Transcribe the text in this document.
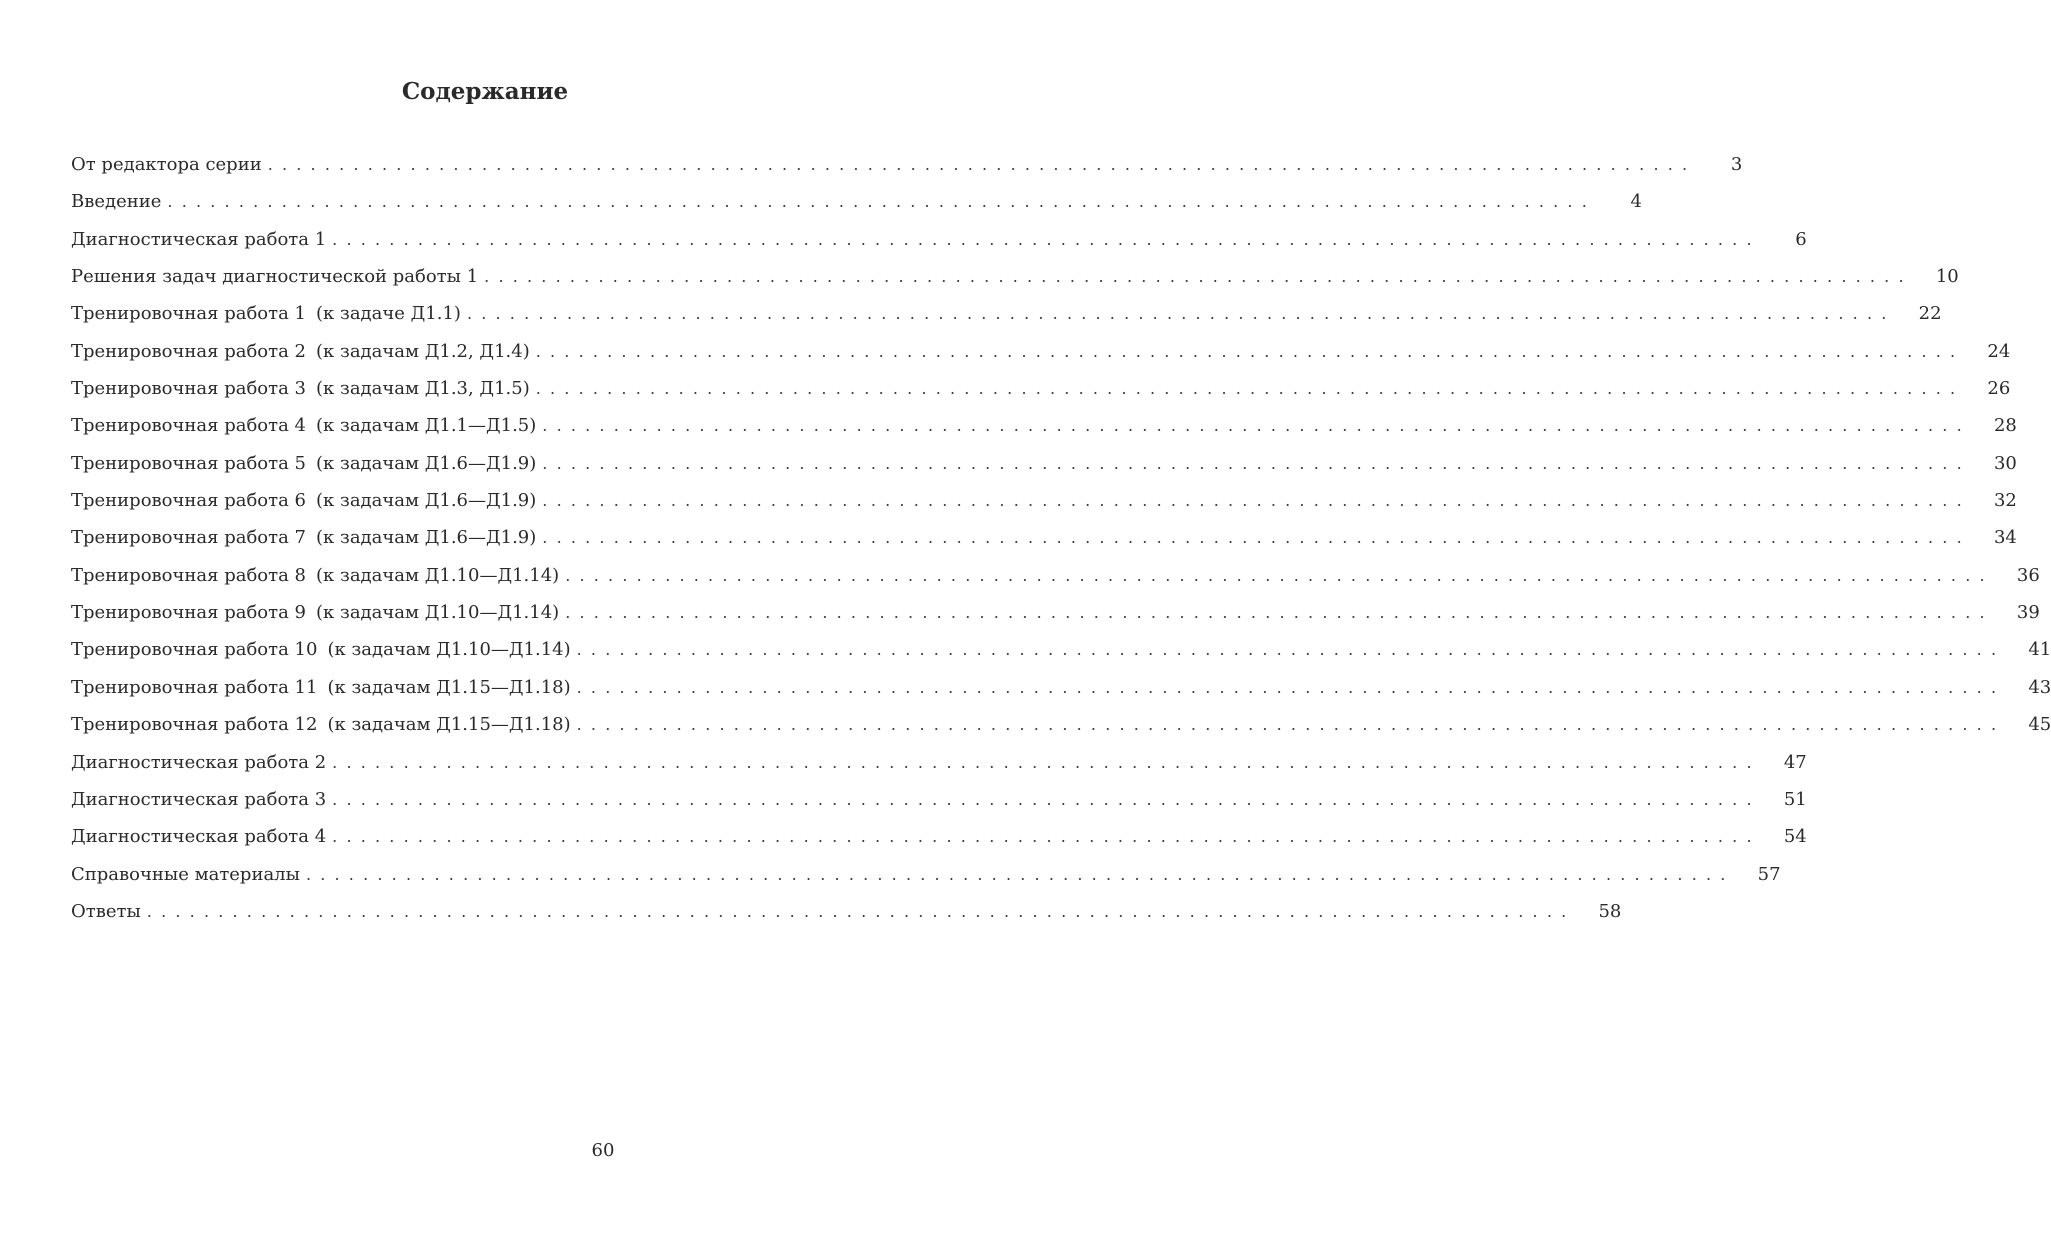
Содержание
От редактора серии ....................................................................................................	3
Введение ....................................................................................................	4
Диагностическая работа 1 ....................................................................................................	6
Решения задач диагностической работы 1 ....................................................................................................	10
Тренировочная работа 1 (к задаче Д1.1) ....................................................................................................	22
Тренировочная работа 2 (к задачам Д1.2, Д1.4) ....................................................................................................	24
Тренировочная работа 3 (к задачам Д1.3, Д1.5) ....................................................................................................	26
Тренировочная работа 4 (к задачам Д1.1—Д1.5) ....................................................................................................	28
Тренировочная работа 5 (к задачам Д1.6—Д1.9) ....................................................................................................	30
Тренировочная работа 6 (к задачам Д1.6—Д1.9) ....................................................................................................	32
Тренировочная работа 7 (к задачам Д1.6—Д1.9) ....................................................................................................	34
Тренировочная работа 8 (к задачам Д1.10—Д1.14) ....................................................................................................	36
Тренировочная работа 9 (к задачам Д1.10—Д1.14) ....................................................................................................	39
Тренировочная работа 10 (к задачам Д1.10—Д1.14) ....................................................................................................	41
Тренировочная работа 11 (к задачам Д1.15—Д1.18) ....................................................................................................	43
Тренировочная работа 12 (к задачам Д1.15—Д1.18) ....................................................................................................	45
Диагностическая работа 2 ....................................................................................................	47
Диагностическая работа 3 ....................................................................................................	51
Диагностическая работа 4 ....................................................................................................	54
Справочные материалы ....................................................................................................	57
Ответы ....................................................................................................	58
60
